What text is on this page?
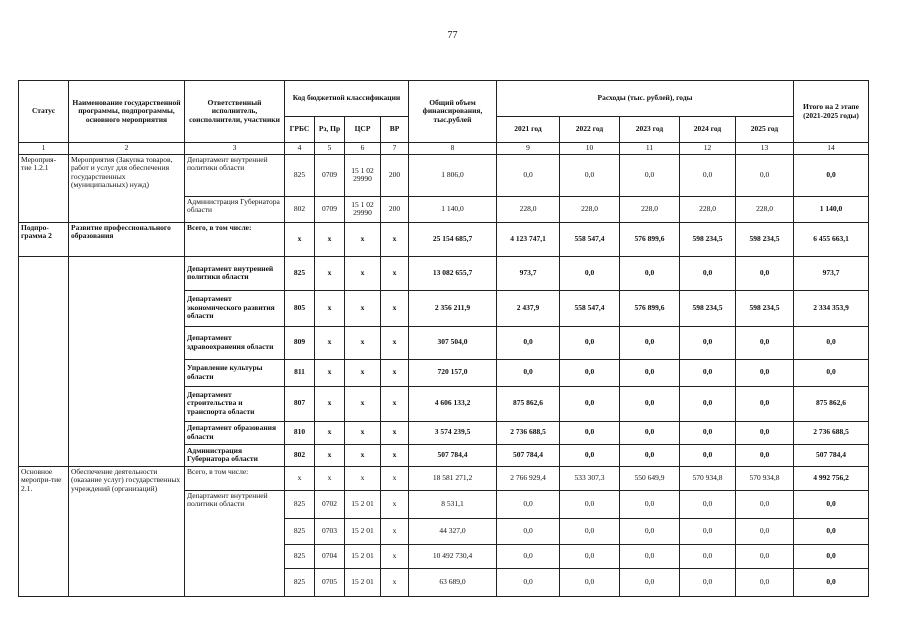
77
Статус	Наименование государственной программы, подпрограммы, основного мероприятия	Ответственный исполнитель, соисполнители, участники	Код бюджетной классификации				Общий объем финансирования, тыс.рублей	Расходы (тыс. рублей), годы					Итого на 2 этапе (2021-2025 годы)
			ГРБС	Рз, Пр	ЦСР	ВР		2021 год	2022 год	2023 год	2024 год	2025 год	
1	2	3	4	5	6	7	8	9	10	11	12	13	14
Мероприя-тие 1.2.1	Мероприятия (Закупка товаров, работ и услуг для обеспечения государственных (муниципальных) нужд)	Департамент внутренней политики области	825	0709	15 1 02 29990	200	1 806,0	0,0	0,0	0,0	0,0	0,0	0,0
		Администрация Губернатора области	802	0709	15 1 02 29990	200	1 140,0	228,0	228,0	228,0	228,0	228,0	1 140,0
Подпро-грамма 2	Развитие профессионального образования	Всего, в том числе:	х	х	х	х	25 154 685,7	4 123 747,1	558 547,4	576 899,6	598 234,5	598 234,5	6 455 663,1
		Департамент внутренней политики области	825	х	х	х	13 082 655,7	973,7	0,0	0,0	0,0	0,0	973,7
		Департамент экономического развития области	805	х	х	х	2 356 211,9	2 437,9	558 547,4	576 899,6	598 234,5	598 234,5	2 334 353,9
		Департамент здравоохранения области	809	х	х	х	307 504,0	0,0	0,0	0,0	0,0	0,0	0,0
		Управление культуры области	811	х	х	х	720 157,0	0,0	0,0	0,0	0,0	0,0	0,0
		Департамент строительства и транспорта области	807	х	х	х	4 606 133,2	875 862,6	0,0	0,0	0,0	0,0	875 862,6
		Департамент образования области	810	х	х	х	3 574 239,5	2 736 688,5	0,0	0,0	0,0	0,0	2 736 688,5
		Администрация Губернатора области	802	х	х	х	507 784,4	507 784,4	0,0	0,0	0,0	0,0	507 784,4
Основное меропри-тие 2.1.	Обеспечение деятельности (оказание услуг) государственных учреждений (организаций)	Всего, в том числе:	х	х	х	х	18 581 271,2	2 766 929,4	533 307,3	550 649,9	570 934,8	570 934,8	4 992 756,2
		Департамент внутренней политики области	825	0702	15 2 01	х	8 531,1	0,0	0,0	0,0	0,0	0,0	0,0
			825	0703	15 2 01	х	44 327,0	0,0	0,0	0,0	0,0	0,0	0,0
			825	0704	15 2 01	х	10 492 730,4	0,0	0,0	0,0	0,0	0,0	0,0
			825	0705	15 2 01	х	63 689,0	0,0	0,0	0,0	0,0	0,0	0,0
